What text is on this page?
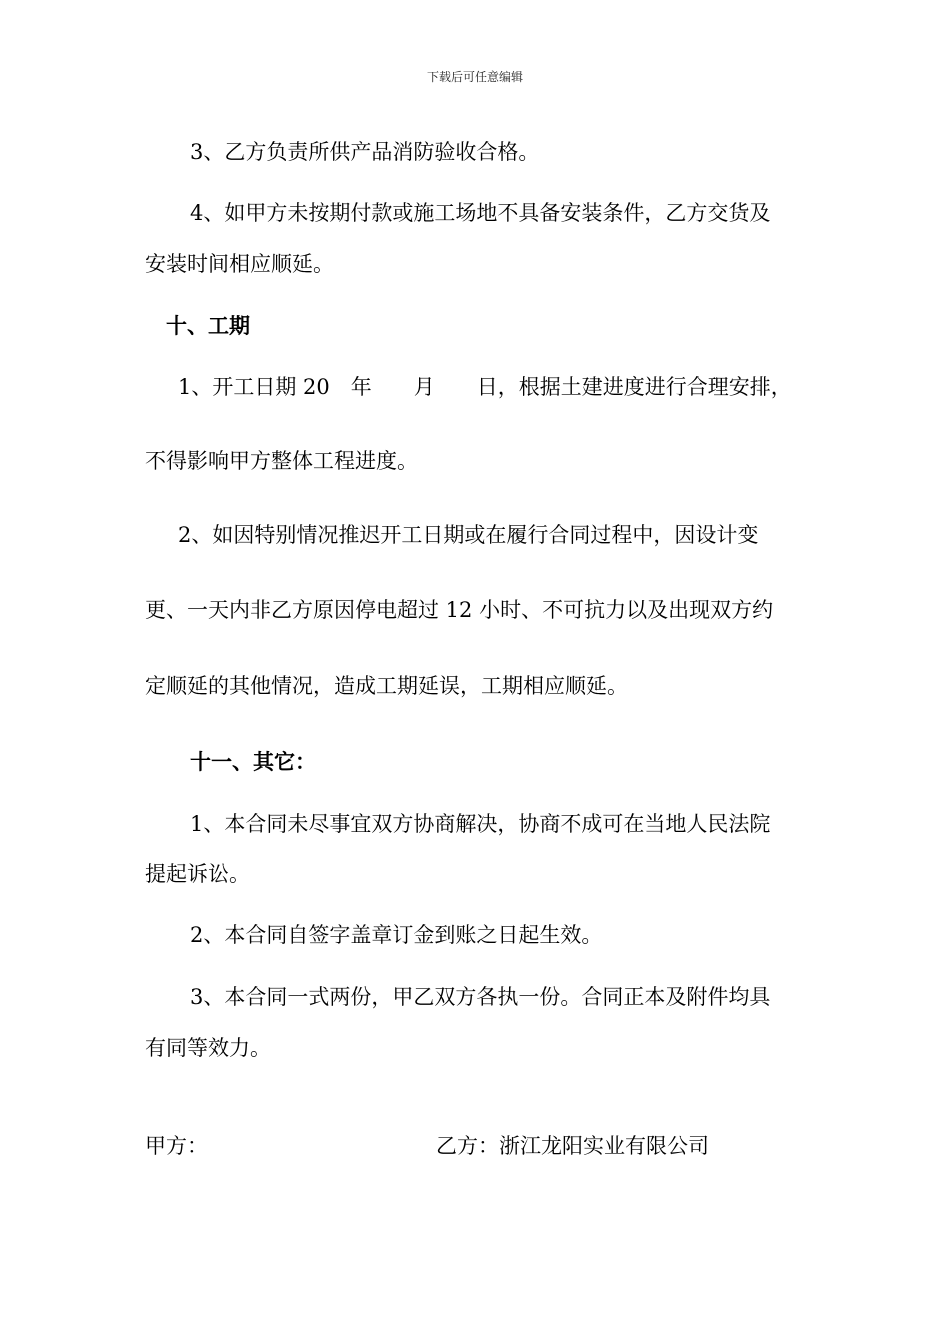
下载后可任意编辑
3、乙方负责所供产品消防验收合格。
4、如甲方未按期付款或施工场地不具备安装条件，乙方交货及
安装时间相应顺延。
十、工期
1、开工日期 20　年　　月　　日，根据土建进度进行合理安排，
不得影响甲方整体工程进度。
2、如因特别情况推迟开工日期或在履行合同过程中，因设计变
更、一天内非乙方原因停电超过 12 小时、不可抗力以及出现双方约
定顺延的其他情况，造成工期延误，工期相应顺延。
十一、其它：
1、本合同未尽事宜双方协商解决，协商不成可在当地人民法院
提起诉讼。
2、本合同自签字盖章订金到账之日起生效。
3、本合同一式两份，甲乙双方各执一份。合同正本及附件均具
有同等效力。
甲方：	乙方：浙江龙阳实业有限公司
